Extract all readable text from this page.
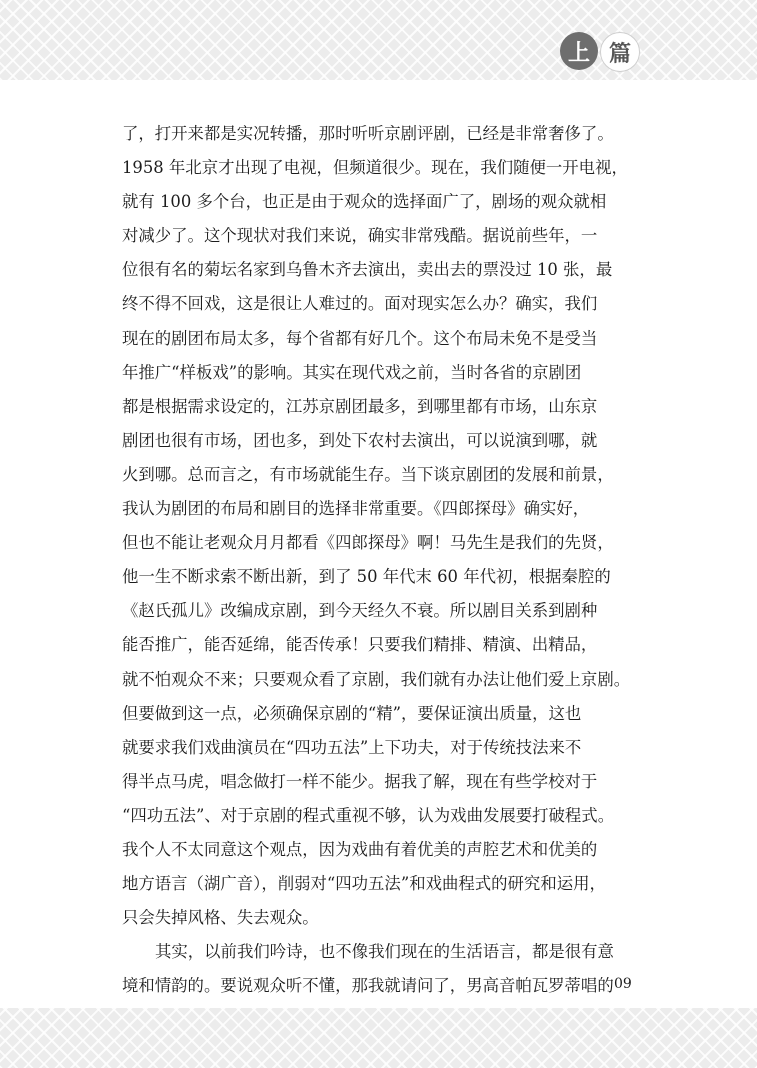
上 篇
了，打开来都是实况转播，那时听听京剧评剧，已经是非常奢侈了。
1958 年北京才出现了电视，但频道很少。现在，我们随便一开电视，
就有 100 多个台，也正是由于观众的选择面广了，剧场的观众就相
对减少了。这个现状对我们来说，确实非常残酷。据说前些年，一
位很有名的菊坛名家到乌鲁木齐去演出，卖出去的票没过 10 张，最
终不得不回戏，这是很让人难过的。面对现实怎么办？确实，我们
现在的剧团布局太多，每个省都有好几个。这个布局未免不是受当
年推广“样板戏”的影响。其实在现代戏之前，当时各省的京剧团
都是根据需求设定的，江苏京剧团最多，到哪里都有市场，山东京
剧团也很有市场，团也多，到处下农村去演出，可以说演到哪，就
火到哪。总而言之，有市场就能生存。当下谈京剧团的发展和前景，
我认为剧团的布局和剧目的选择非常重要。《四郎探母》确实好，
但也不能让老观众月月都看《四郎探母》啊！马先生是我们的先贤，
他一生不断求索不断出新，到了 50 年代末 60 年代初，根据秦腔的
《赵氏孤儿》改编成京剧，到今天经久不衰。所以剧目关系到剧种
能否推广，能否延绵，能否传承！只要我们精排、精演、出精品，
就不怕观众不来；只要观众看了京剧，我们就有办法让他们爱上京剧。
但要做到这一点，必须确保京剧的“精”，要保证演出质量，这也
就要求我们戏曲演员在“四功五法”上下功夫，对于传统技法来不
得半点马虎，唱念做打一样不能少。据我了解，现在有些学校对于
“四功五法”、对于京剧的程式重视不够，认为戏曲发展要打破程式。
我个人不太同意这个观点，因为戏曲有着优美的声腔艺术和优美的
地方语言（湖广音），削弱对“四功五法”和戏曲程式的研究和运用，
只会失掉风格、失去观众。
其实，以前我们吟诗，也不像我们现在的生活语言，都是很有意
境和情韵的。要说观众听不懂，那我就请问了，男高音帕瓦罗蒂唱的 09
